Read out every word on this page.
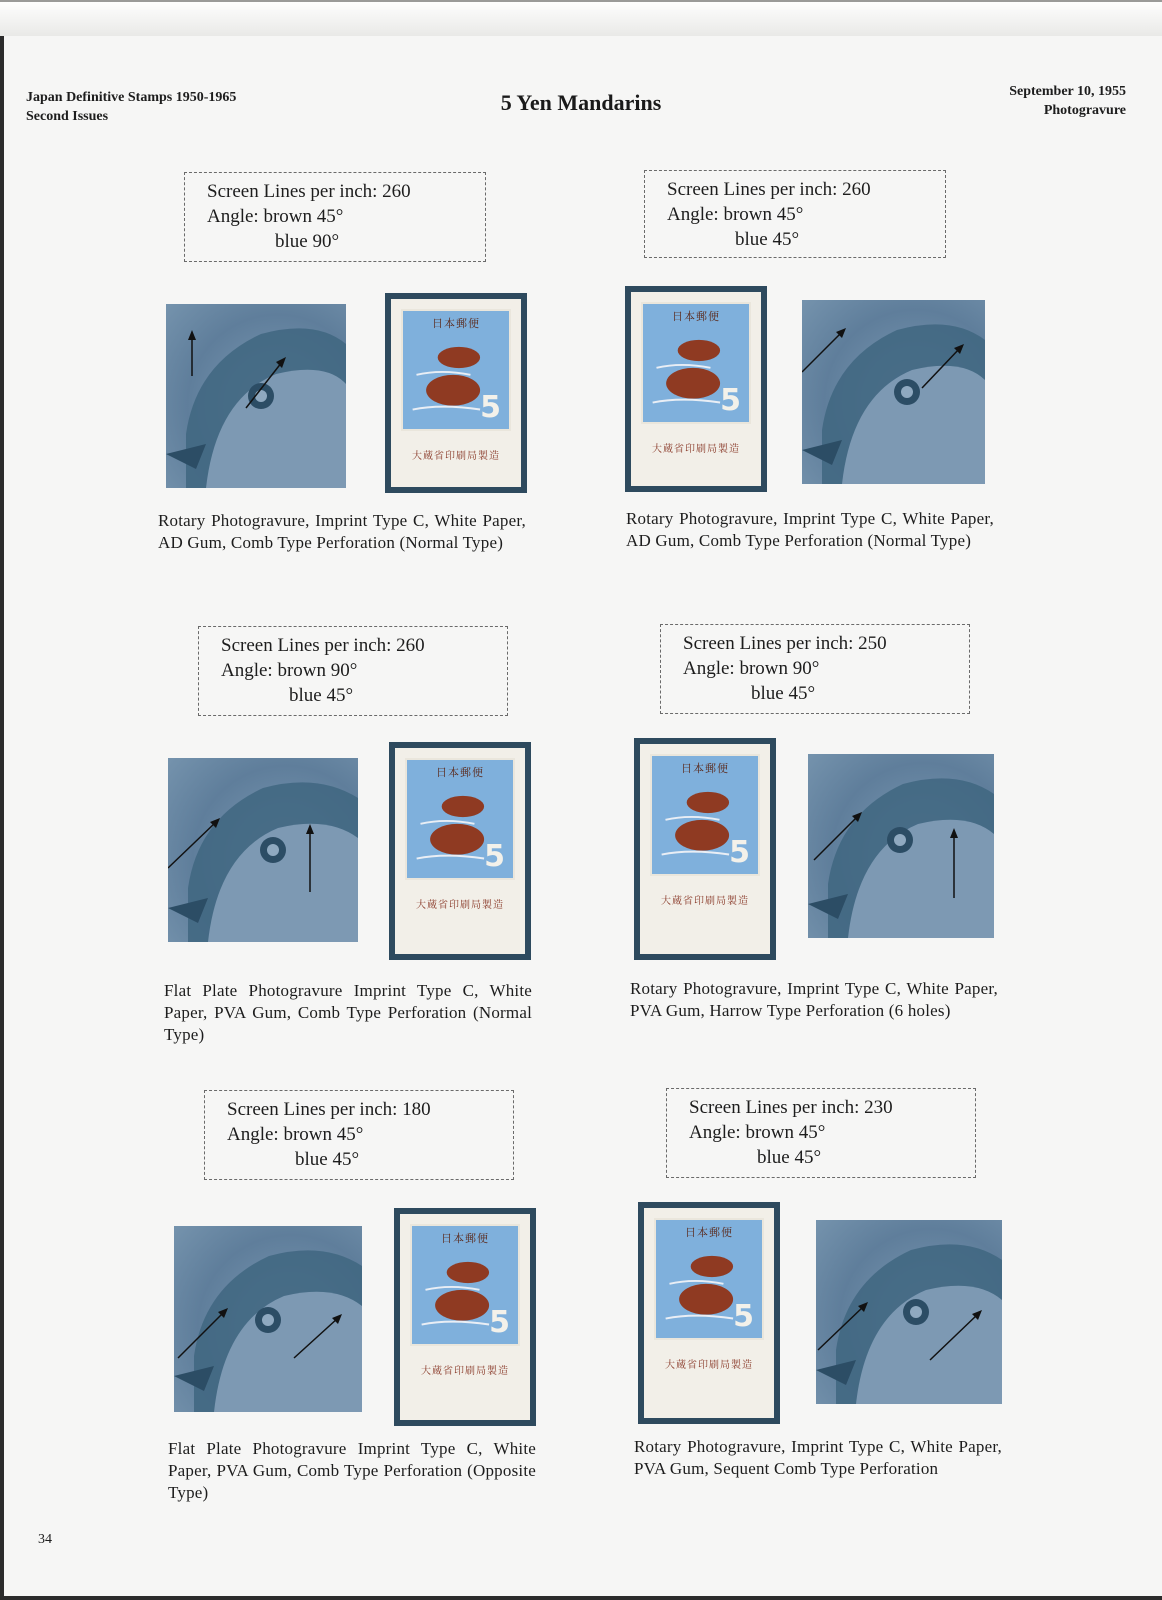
Japan Definitive Stamps 1950-1965
Second Issues
5 Yen Mandarins	September 10, 1955
Photogravure
Screen Lines per inch: 260
Angle: brown 45°
blue 90°
日本郵便
5
大蔵省印刷局製造
Rotary Photogravure, Imprint Type C, White Paper, AD Gum, Comb Type Perforation (Normal Type)
Screen Lines per inch: 260
Angle: brown 45°
blue 45°
日本郵便
5
大蔵省印刷局製造
Rotary Photogravure, Imprint Type C, White Paper, AD Gum, Comb Type Perforation (Normal Type)
Screen Lines per inch: 260
Angle: brown 90°
blue 45°
日本郵便
5
大蔵省印刷局製造
Flat Plate Photogravure Imprint Type C, White Paper, PVA Gum, Comb Type Perforation (Normal Type)
Screen Lines per inch: 250
Angle: brown 90°
blue 45°
日本郵便
5
大蔵省印刷局製造
Rotary Photogravure, Imprint Type C, White Paper, PVA Gum, Harrow Type Perforation (6 holes)
Screen Lines per inch: 180
Angle: brown 45°
blue 45°
日本郵便
5
大蔵省印刷局製造
Flat Plate Photogravure Imprint Type C, White Paper, PVA Gum, Comb Type Perforation (Opposite Type)
Screen Lines per inch: 230
Angle: brown 45°
blue 45°
日本郵便
5
大蔵省印刷局製造
Rotary Photogravure, Imprint Type C, White Paper, PVA Gum, Sequent Comb Type Perforation
34
